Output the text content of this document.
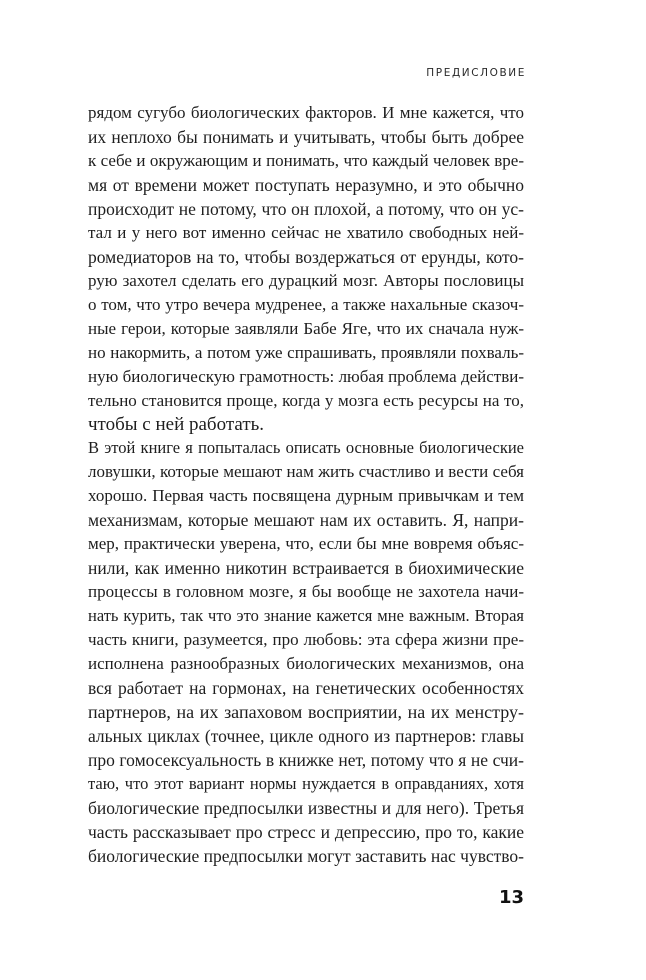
ПРЕДИСЛОВИЕ
рядом сугубо биологических факторов. И мне кажется, что
их неплохо бы понимать и учитывать, чтобы быть добрее
к себе и окружающим и понимать, что каждый человек вре-
мя от времени может поступать неразумно, и это обычно
происходит не потому, что он плохой, а потому, что он ус-
тал и у него вот именно сейчас не хватило свободных ней-
ромедиаторов на то, чтобы воздержаться от ерунды, кото-
рую захотел сделать его дурацкий мозг. Авторы пословицы
о том, что утро вечера мудренее, а также нахальные сказоч-
ные герои, которые заявляли Бабе Яге, что их сначала нуж-
но накормить, а потом уже спрашивать, проявляли похваль-
ную биологическую грамотность: любая проблема действи-
тельно становится проще, когда у мозга есть ресурсы на то,
чтобы с ней работать.
В этой книге я попыталась описать основные биологические
ловушки, которые мешают нам жить счастливо и вести себя
хорошо. Первая часть посвящена дурным привычкам и тем
механизмам, которые мешают нам их оставить. Я, напри-
мер, практически уверена, что, если бы мне вовремя объяс-
нили, как именно никотин встраивается в биохимические
процессы в головном мозге, я бы вообще не захотела начи-
нать курить, так что это знание кажется мне важным. Вторая
часть книги, разумеется, про любовь: эта сфера жизни пре-
исполнена разнообразных биологических механизмов, она
вся работает на гормонах, на генетических особенностях
партнеров, на их запаховом восприятии, на их менстру-
альных циклах (точнее, цикле одного из партнеров: главы
про гомосексуальность в книжке нет, потому что я не счи-
таю, что этот вариант нормы нуждается в оправданиях, хотя
биологические предпосылки известны и для него). Третья
часть рассказывает про стресс и депрессию, про то, какие
биологические предпосылки могут заставить нас чувство-
13
